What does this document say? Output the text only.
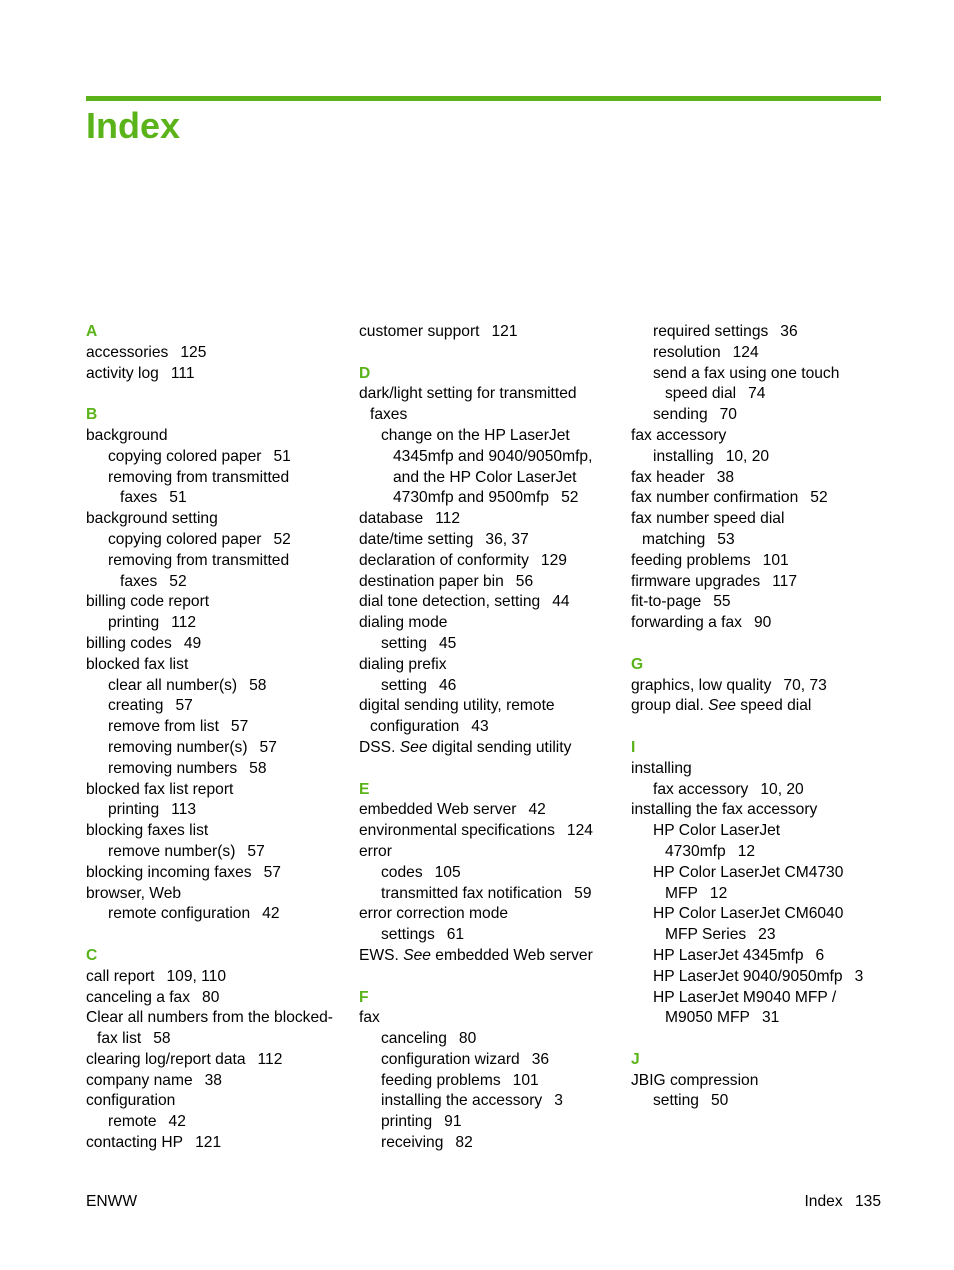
Index
A
accessories 125
activity log 111
B
background
copying colored paper 51
removing from transmitted
faxes 51
background setting
copying colored paper 52
removing from transmitted
faxes 52
billing code report
printing 112
billing codes 49
blocked fax list
clear all number(s) 58
creating 57
remove from list 57
removing number(s) 57
removing numbers 58
blocked fax list report
printing 113
blocking faxes list
remove number(s) 57
blocking incoming faxes 57
browser, Web
remote configuration 42
C
call report 109, 110
canceling a fax 80
Clear all numbers from the blocked-
fax list 58
clearing log/report data 112
company name 38
configuration
remote 42
contacting HP 121
customer support 121
D
dark/light setting for transmitted
faxes
change on the HP LaserJet
4345mfp and 9040/9050mfp,
and the HP Color LaserJet
4730mfp and 9500mfp 52
database 112
date/time setting 36, 37
declaration of conformity 129
destination paper bin 56
dial tone detection, setting 44
dialing mode
setting 45
dialing prefix
setting 46
digital sending utility, remote
configuration 43
DSS. See digital sending utility
E
embedded Web server 42
environmental specifications 124
error
codes 105
transmitted fax notification 59
error correction mode
settings 61
EWS. See embedded Web server
F
fax
canceling 80
configuration wizard 36
feeding problems 101
installing the accessory 3
printing 91
receiving 82
required settings 36
resolution 124
send a fax using one touch
speed dial 74
sending 70
fax accessory
installing 10, 20
fax header 38
fax number confirmation 52
fax number speed dial
matching 53
feeding problems 101
firmware upgrades 117
fit-to-page 55
forwarding a fax 90
G
graphics, low quality 70, 73
group dial. See speed dial
I
installing
fax accessory 10, 20
installing the fax accessory
HP Color LaserJet
4730mfp 12
HP Color LaserJet CM4730
MFP 12
HP Color LaserJet CM6040
MFP Series 23
HP LaserJet 4345mfp 6
HP LaserJet 9040/9050mfp 3
HP LaserJet M9040 MFP /
M9050 MFP 31
J
JBIG compression
setting 50
ENWW	Index 135
